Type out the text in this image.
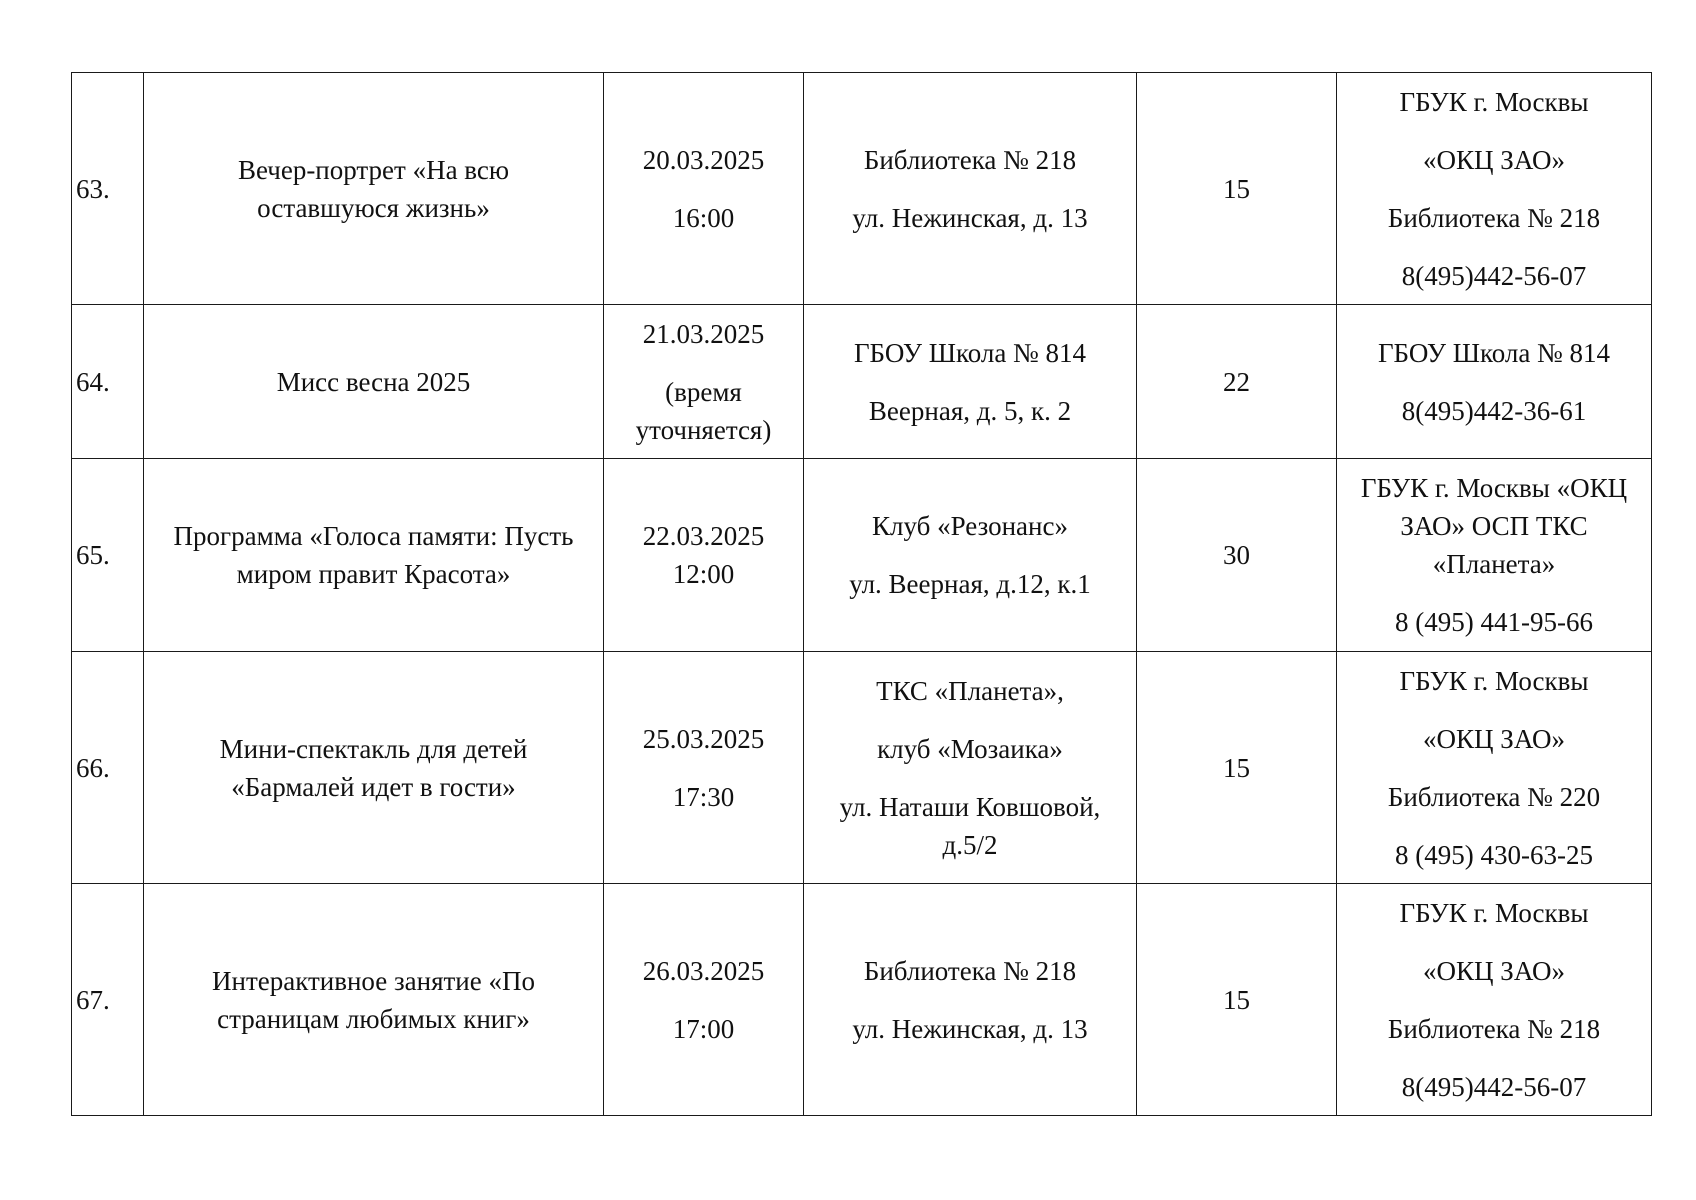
63.	Вечер-портрет «На всю
оставшуюся жизнь»	20.03.2025
16:00	Библиотека № 218
ул. Нежинская, д. 13	15	ГБУК г. Москвы
«ОКЦ ЗАО»
Библиотека № 218
8(495)442-56-07

64.	Мисс весна 2025	21.03.2025
(время
уточняется)	ГБОУ Школа № 814
Веерная, д. 5, к. 2	22	ГБОУ Школа № 814
8(495)442-36-61

65.	Программа «Голоса памяти: Пусть
миром правит Красота»	22.03.2025
12:00	Клуб «Резонанс»
ул. Веерная, д.12, к.1	30	ГБУК г. Москвы «ОКЦ
ЗАО» ОСП ТКС
«Планета»
8 (495) 441-95-66

66.	Мини-спектакль для детей
«Бармалей идет в гости»	25.03.2025
17:30	ТКС «Планета»,
клуб «Мозаика»
ул. Наташи Ковшовой,
д.5/2	15	ГБУК г. Москвы
«ОКЦ ЗАО»
Библиотека № 220
8 (495) 430-63-25

67.	Интерактивное занятие «По
страницам любимых книг»	26.03.2025
17:00	Библиотека № 218
ул. Нежинская, д. 13	15	ГБУК г. Москвы
«ОКЦ ЗАО»
Библиотека № 218
8(495)442-56-07
